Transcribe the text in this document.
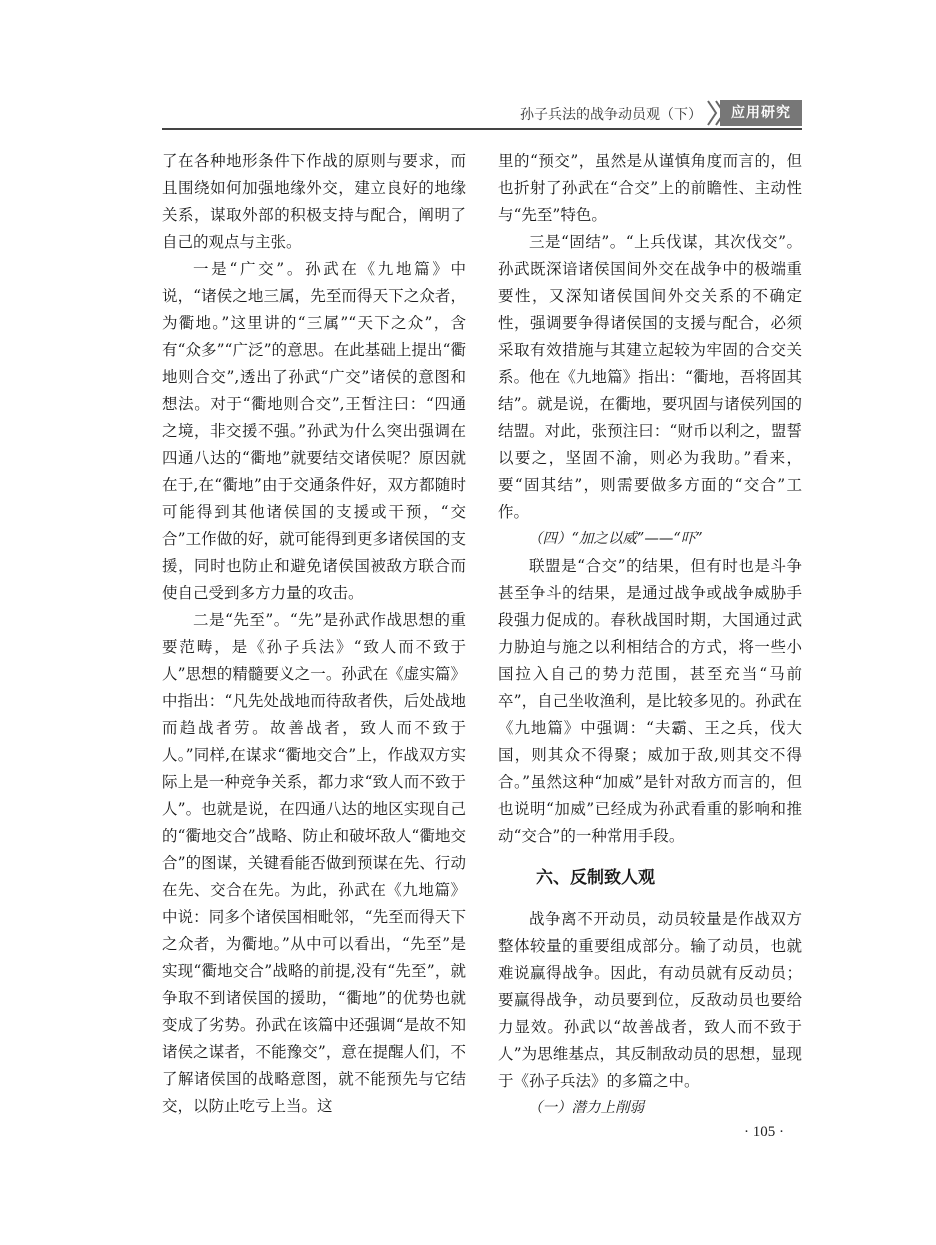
孙子兵法的战争动员观（下）	应用研究

了在各种地形条件下作战的原则与要求，而且围绕如何加强地缘外交，建立良好的地缘关系，谋取外部的积极支持与配合，阐明了自己的观点与主张。

一是“广交”。孙武在《九地篇》中说，“诸侯之地三属，先至而得天下之众者，为衢地。”这里讲的“三属”“天下之众”，含有“众多”“广泛”的意思。在此基础上提出“衢地则合交”,透出了孙武“广交”诸侯的意图和想法。对于“衢地则合交”,王皙注曰：“四通之境，非交援不强。”孙武为什么突出强调在四通八达的“衢地”就要结交诸侯呢？原因就在于,在“衢地”由于交通条件好，双方都随时可能得到其他诸侯国的支援或干预，“交合”工作做的好，就可能得到更多诸侯国的支援，同时也防止和避免诸侯国被敌方联合而使自己受到多方力量的攻击。

二是“先至”。“先”是孙武作战思想的重要范畴，是《孙子兵法》“致人而不致于人”思想的精髓要义之一。孙武在《虚实篇》中指出：“凡先处战地而待敌者佚，后处战地而趋战者劳。故善战者，致人而不致于人。”同样,在谋求“衢地交合”上，作战双方实际上是一种竞争关系，都力求“致人而不致于人”。也就是说，在四通八达的地区实现自己的“衢地交合”战略、防止和破坏敌人“衢地交合”的图谋，关键看能否做到预谋在先、行动在先、交合在先。为此，孙武在《九地篇》中说：同多个诸侯国相毗邻，“先至而得天下之众者，为衢地。”从中可以看出，“先至”是实现“衢地交合”战略的前提,没有“先至”，就争取不到诸侯国的援助，“衢地”的优势也就变成了劣势。孙武在该篇中还强调“是故不知诸侯之谋者，不能豫交”，意在提醒人们，不了解诸侯国的战略意图，就不能预先与它结交，以防止吃亏上当。这

里的“预交”，虽然是从谨慎角度而言的，但也折射了孙武在“合交”上的前瞻性、主动性与“先至”特色。

三是“固结”。“上兵伐谋，其次伐交”。孙武既深谙诸侯国间外交在战争中的极端重要性，又深知诸侯国间外交关系的不确定性，强调要争得诸侯国的支援与配合，必须采取有效措施与其建立起较为牢固的合交关系。他在《九地篇》指出：“衢地，吾将固其结”。就是说，在衢地，要巩固与诸侯列国的结盟。对此，张预注曰：“财币以利之，盟誓以要之，坚固不渝，则必为我助。”看来，要“固其结”，则需要做多方面的“交合”工作。

（四）“加之以威”——“吓”

联盟是“合交”的结果，但有时也是斗争甚至争斗的结果，是通过战争或战争威胁手段强力促成的。春秋战国时期，大国通过武力胁迫与施之以利相结合的方式，将一些小国拉入自己的势力范围，甚至充当“马前卒”，自己坐收渔利，是比较多见的。孙武在《九地篇》中强调：“夫霸、王之兵，伐大国，则其众不得聚；威加于敌,则其交不得合。”虽然这种“加威”是针对敌方而言的，但也说明“加威”已经成为孙武看重的影响和推动“交合”的一种常用手段。

六、反制致人观

战争离不开动员，动员较量是作战双方整体较量的重要组成部分。输了动员，也就难说赢得战争。因此，有动员就有反动员；要赢得战争，动员要到位，反敌动员也要给力显效。孙武以“故善战者，致人而不致于人”为思维基点，其反制敌动员的思想，显现于《孙子兵法》的多篇之中。

（一）潜力上削弱

· 105 ·
